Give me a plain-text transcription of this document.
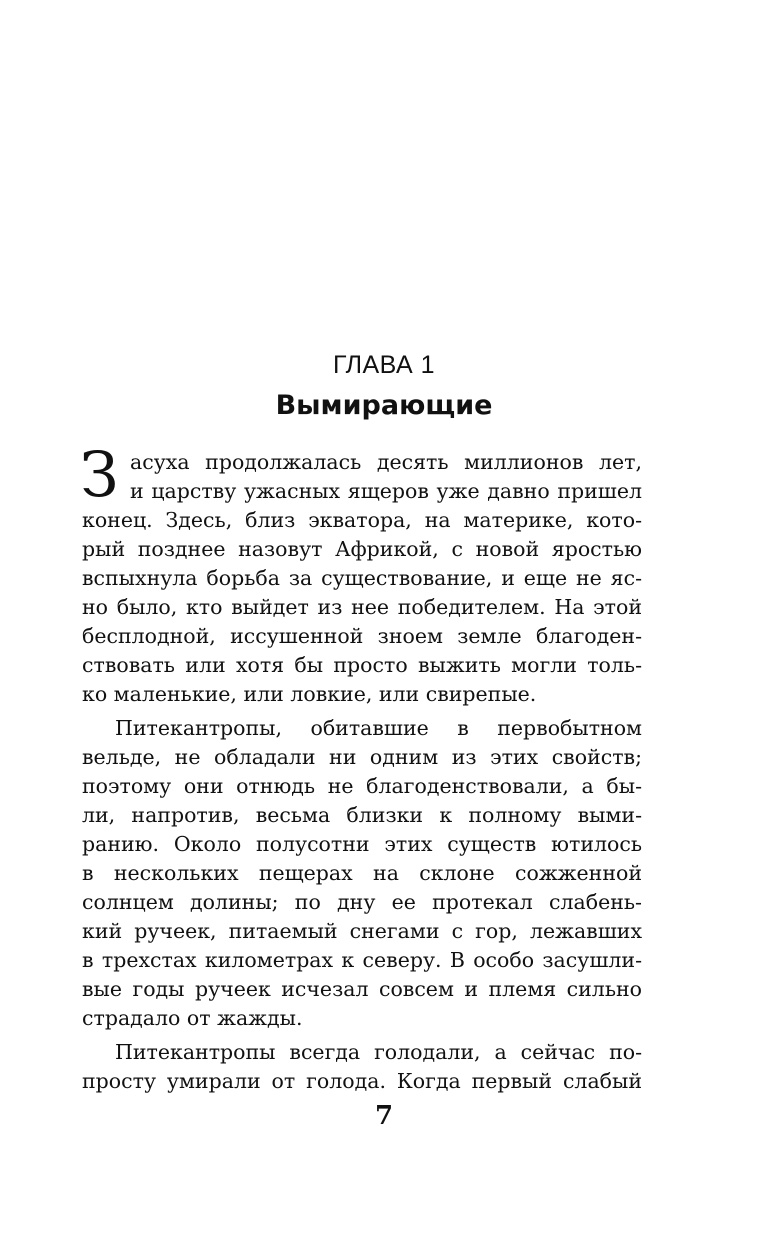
ГЛАВА 1
Вымирающие
З асуха продолжалась десять миллионов лет,
и царству ужасных ящеров уже давно пришел
конец. Здесь, близ экватора, на материке, кото-
рый позднее назовут Африкой, с новой яростью
вспыхнула борьба за существование, и еще не яс-
но было, кто выйдет из нее победителем. На этой
бесплодной, иссушенной зноем земле благоден-
ствовать или хотя бы просто выжить могли толь-
ко маленькие, или ловкие, или свирепые.
Питекантропы, обитавшие в первобытном
вельде, не обладали ни одним из этих свойств;
поэтому они отнюдь не благоденствовали, а бы-
ли, напротив, весьма близки к полному выми-
ранию. Около полусотни этих существ ютилось
в нескольких пещерах на склоне сожженной
солнцем долины; по дну ее протекал слабень-
кий ручеек, питаемый снегами с гор, лежавших
в трехстах километрах к северу. В особо засушли-
вые годы ручеек исчезал совсем и племя сильно
страдало от жажды.
Питекантропы всегда голодали, а сейчас по-
просту умирали от голода. Когда первый слабый
7
